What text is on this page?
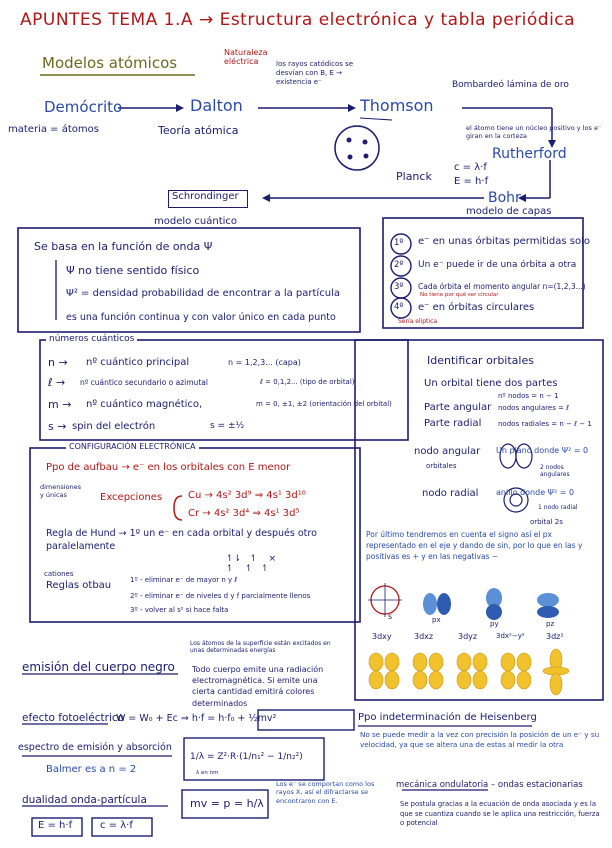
APUNTES TEMA 1.A → Estructura electrónica y tabla periódica
Modelos atómicos
Naturaleza eléctrica	los rayos catódicos se desvían con B, E → existencia e⁻
Demócrito
materia = átomos
Dalton
Teoría atómica
Thomson
Bombardeó lámina de oro
el átomo tiene un núcleo positivo y los e⁻ giran en la corteza
Rutherford
Planck
c = λ·f
E = h·f
Bohr
Schrondinger
modelo cuántico
Se basa en la función de onda Ψ
Ψ no tiene sentido físico
Ψ² = densidad probabilidad de encontrar a la partícula
es una función continua y con valor único en cada punto
modelo de capas
1º e⁻ en unas órbitas permitidas solo
2º Un e⁻ puede ir de una órbita a otra
3º Cada órbita el momento angular n=(1,2,3...)
No tiene por qué ser circular
4º e⁻ en órbitas circulares
Sería elíptica
números cuánticos
n → nº cuántico principal	n = 1,2,3... (capa)
ℓ → nº cuántico secundario o azimutal	ℓ = 0,1,2... (tipo de orbital)
m → nº cuántico magnético,	m = 0, ±1, ±2 (orientación del orbital)
s → spin del electrón	s = ±½
CONFIGURACIÓN ELECTRÓNICA
Ppo de aufbau → e⁻ en los orbitales con E menor
dimensiones y únicas	Excepciones	Cu → 4s² 3d⁹ ⇒ 4s¹ 3d¹⁰
Cr → 4s² 3d⁴ ⇒ 4s¹ 3d⁵
Regla de Hund → 1º un e⁻ en cada orbital y después otro paralelamente
↿⇂   ↿    ×
↿    ↿   ↿
cationes
Reglas otbau	1º - eliminar e⁻ de mayor n y ℓ
2º - eliminar e⁻ de niveles d y f parcialmente llenos
3º - volver al s² si hace falta
Identificar orbitales
Un orbital tiene dos partes
nº nodos = n − 1
Parte angular nodos angulares = ℓ
Parte radial nodos radiales = n − ℓ − 1
nodo angular Un plano donde Ψ² = 0
orbitales	2 nodos angulares
nodo radial anillo donde Ψ² = 0
1 nodo radial
orbital 2s
Por último tendremos en cuenta el signo así el px representado en el eje y dando de sin, por lo que en las y positivas es + y en las negativas −
s	px	py	pz
3dxy	3dxz	3dyz	3dx²−y²	3dz²
emisión del cuerpo negro
Los átomos de la superficie están excitados en unas determinadas energías
Todo cuerpo emite una radiación electromagnética. Si emite una cierta cantidad emitirá colores determinados
efecto fotoeléctrico
W = W₀ + Ec ⇒ h·f = h·f₀ + ½mv²
espectro de emisión y absorción
1/λ = Z²·R·(1/n₁² − 1/n₂²)
λ en nm
Balmer es a n = 2
dualidad onda-partícula	mv = p = h/λ
Los e⁻ se comportan como los rayos X, así el difractarse se encontraron con E.
E = h·f	c = λ·f
Ppo indeterminación de Heisenberg
No se puede medir a la vez con precisión la posición de un e⁻ y su velocidad, ya que se altera una de estas al medir la otra
mecánica ondulatoria – ondas estacionarias
Se postula gracias a la ecuación de onda asociada y es la que se cuantiza cuando se le aplica una restricción, fuerza o potencial
